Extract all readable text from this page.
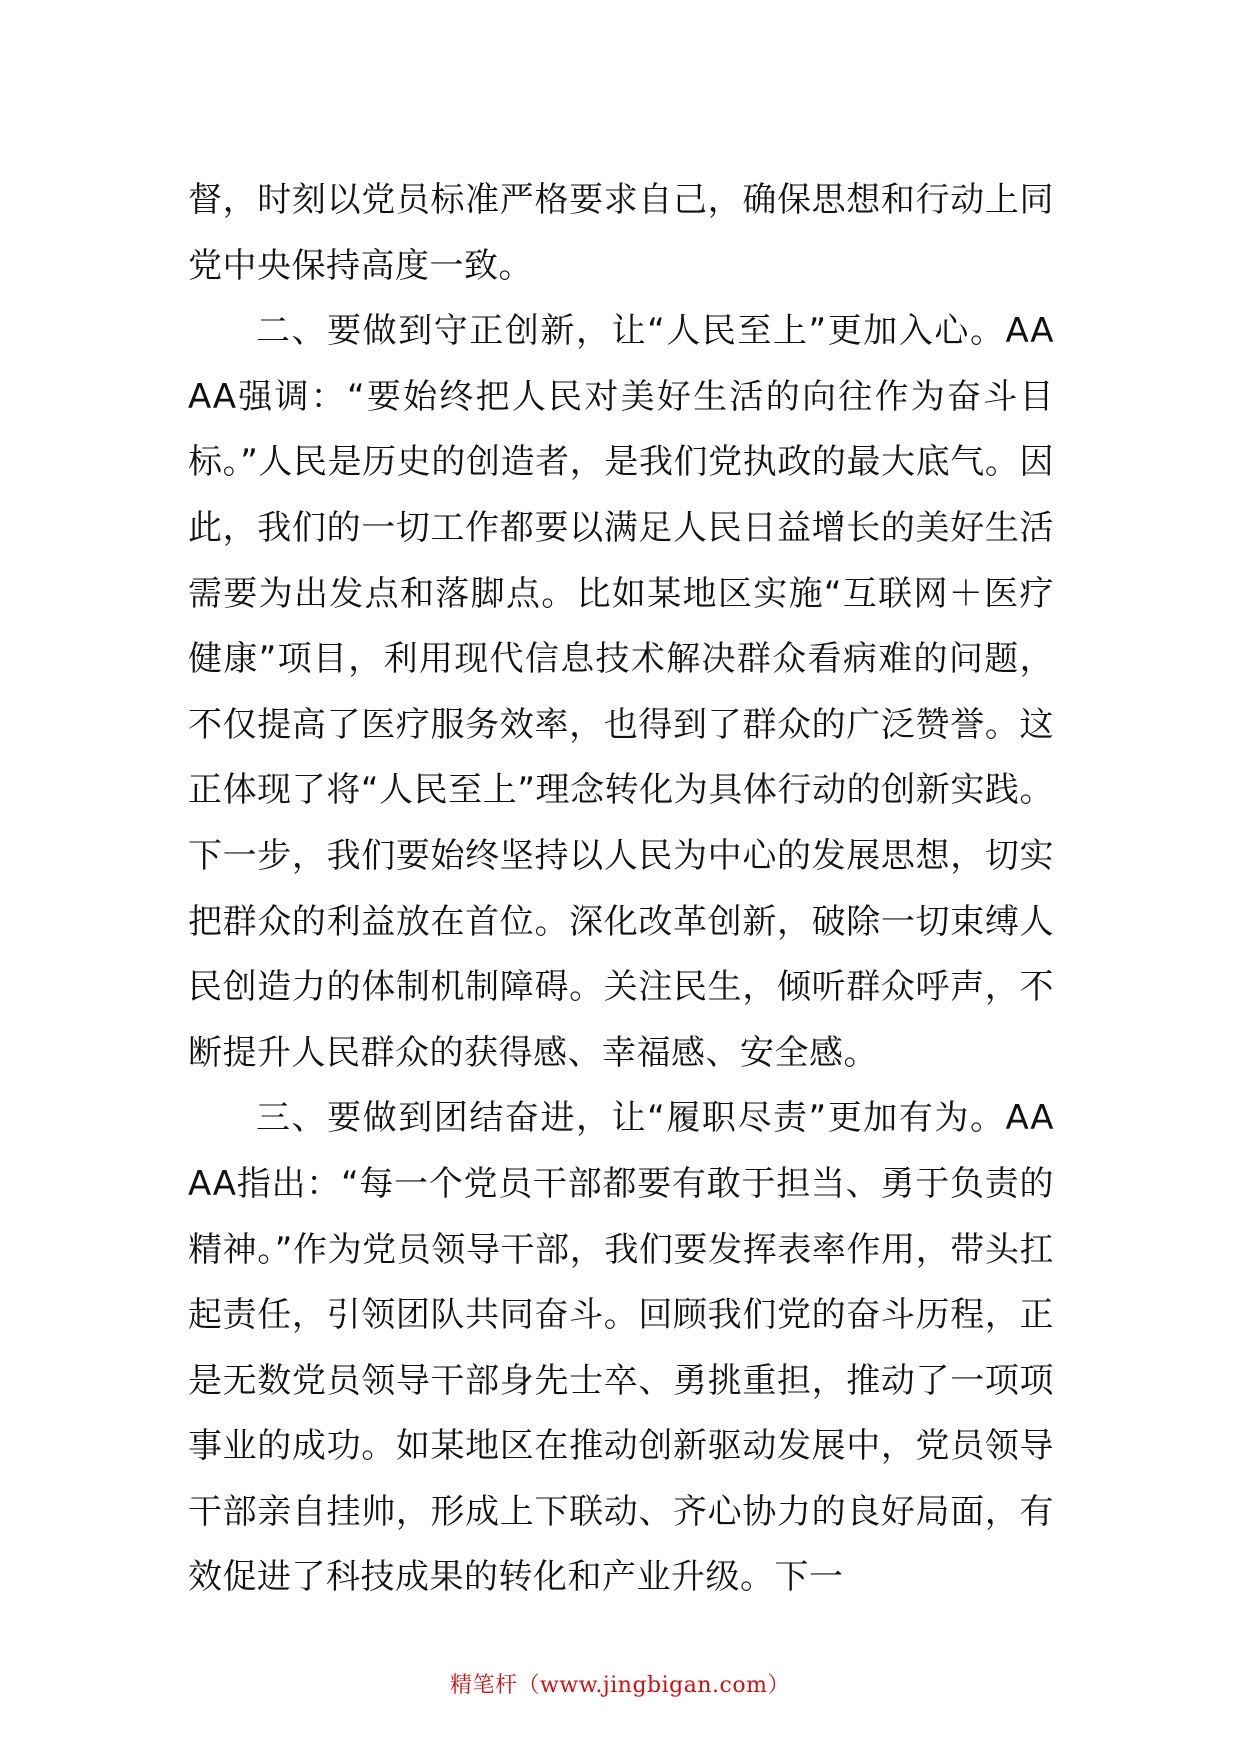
督，时刻以党员标准严格要求自己，确保思想和行动上同党中央保持高度一致。

二、要做到守正创新，让“人民至上”更加入心。AAAA强调：“要始终把人民对美好生活的向往作为奋斗目标。”人民是历史的创造者，是我们党执政的最大底气。因此，我们的一切工作都要以满足人民日益增长的美好生活需要为出发点和落脚点。比如某地区实施“互联网＋医疗健康”项目，利用现代信息技术解决群众看病难的问题，不仅提高了医疗服务效率，也得到了群众的广泛赞誉。这正体现了将“人民至上”理念转化为具体行动的创新实践。下一步，我们要始终坚持以人民为中心的发展思想，切实把群众的利益放在首位。深化改革创新，破除一切束缚人民创造力的体制机制障碍。关注民生，倾听群众呼声，不断提升人民群众的获得感、幸福感、安全感。

三、要做到团结奋进，让“履职尽责”更加有为。AAAA指出：“每一个党员干部都要有敢于担当、勇于负责的精神。”作为党员领导干部，我们要发挥表率作用，带头扛起责任，引领团队共同奋斗。回顾我们党的奋斗历程，正是无数党员领导干部身先士卒、勇挑重担，推动了一项项事业的成功。如某地区在推动创新驱动发展中，党员领导干部亲自挂帅，形成上下联动、齐心协力的良好局面，有效促进了科技成果的转化和产业升级。下一

精笔杆（www.jingbigan.com）
